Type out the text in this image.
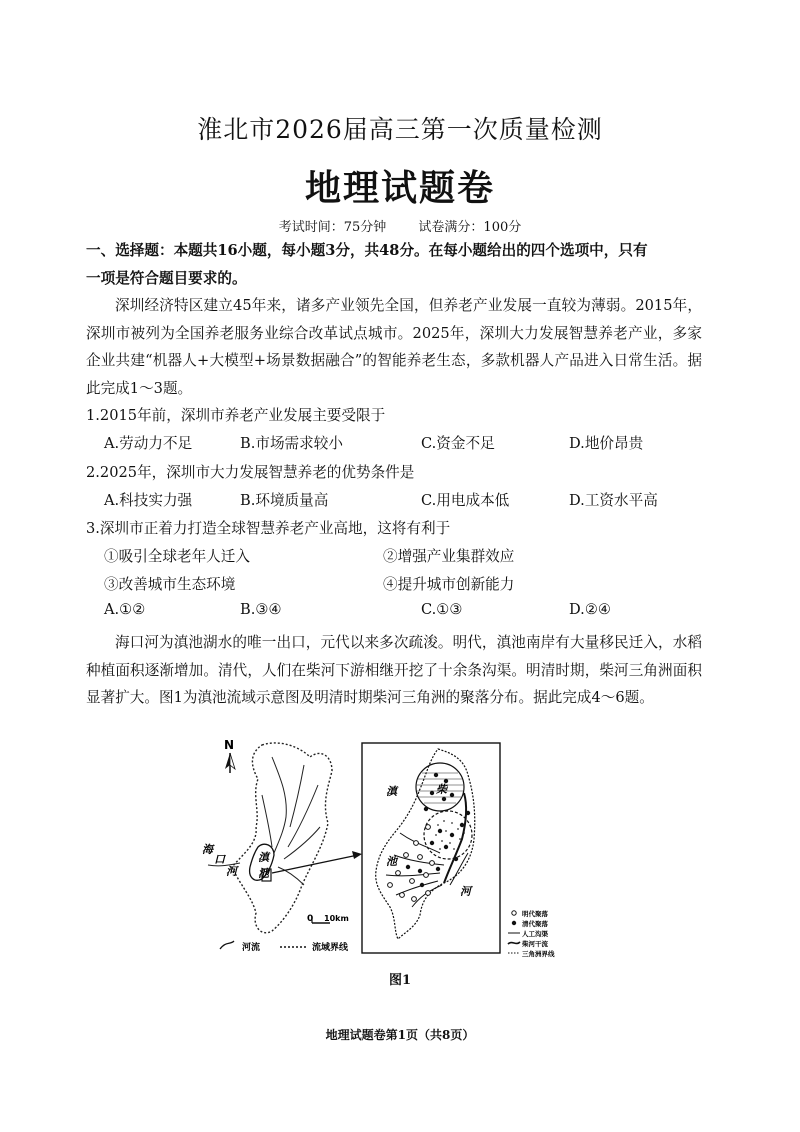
淮北市2026届高三第一次质量检测
地理试题卷
考试时间：75分钟 试卷满分：100分
一、选择题：本题共16小题，每小题3分，共48分。在每小题给出的四个选项中，只有
一项是符合题目要求的。
深圳经济特区建立45年来，诸多产业领先全国，但养老产业发展一直较为薄弱。2015年，深圳市被列为全国养老服务业综合改革试点城市。2025年，深圳大力发展智慧养老产业，多家企业共建“机器人+大模型+场景数据融合”的智能养老生态，多款机器人产品进入日常生活。据此完成1～3题。
1.2015年前，深圳市养老产业发展主要受限于
A.劳动力不足	B.市场需求较小	C.资金不足	D.地价昂贵
2.2025年，深圳市大力发展智慧养老的优势条件是
A.科技实力强	B.环境质量高	C.用电成本低	D.工资水平高
3.深圳市正着力打造全球智慧养老产业高地，这将有利于
①吸引全球老年人迁入	②增强产业集群效应
③改善城市生态环境	④提升城市创新能力
A.①②	B.③④	C.①③	D.②④
海口河为滇池湖水的唯一出口，元代以来多次疏浚。明代，滇池南岸有大量移民迁入，水稻种植面积逐渐增加。清代，人们在柴河下游相继开挖了十余条沟渠。明清时期，柴河三角洲面积显著扩大。图1为滇池流域示意图及明清时期柴河三角洲的聚落分布。据此完成4～6题。
N
滇
池
海
口
河
0 10km
河流	流域界线
滇
池
柴
河
明代聚落
清代聚落
人工沟渠
柴河干流
三角洲界线
图1
地理试题卷第1页（共8页）
